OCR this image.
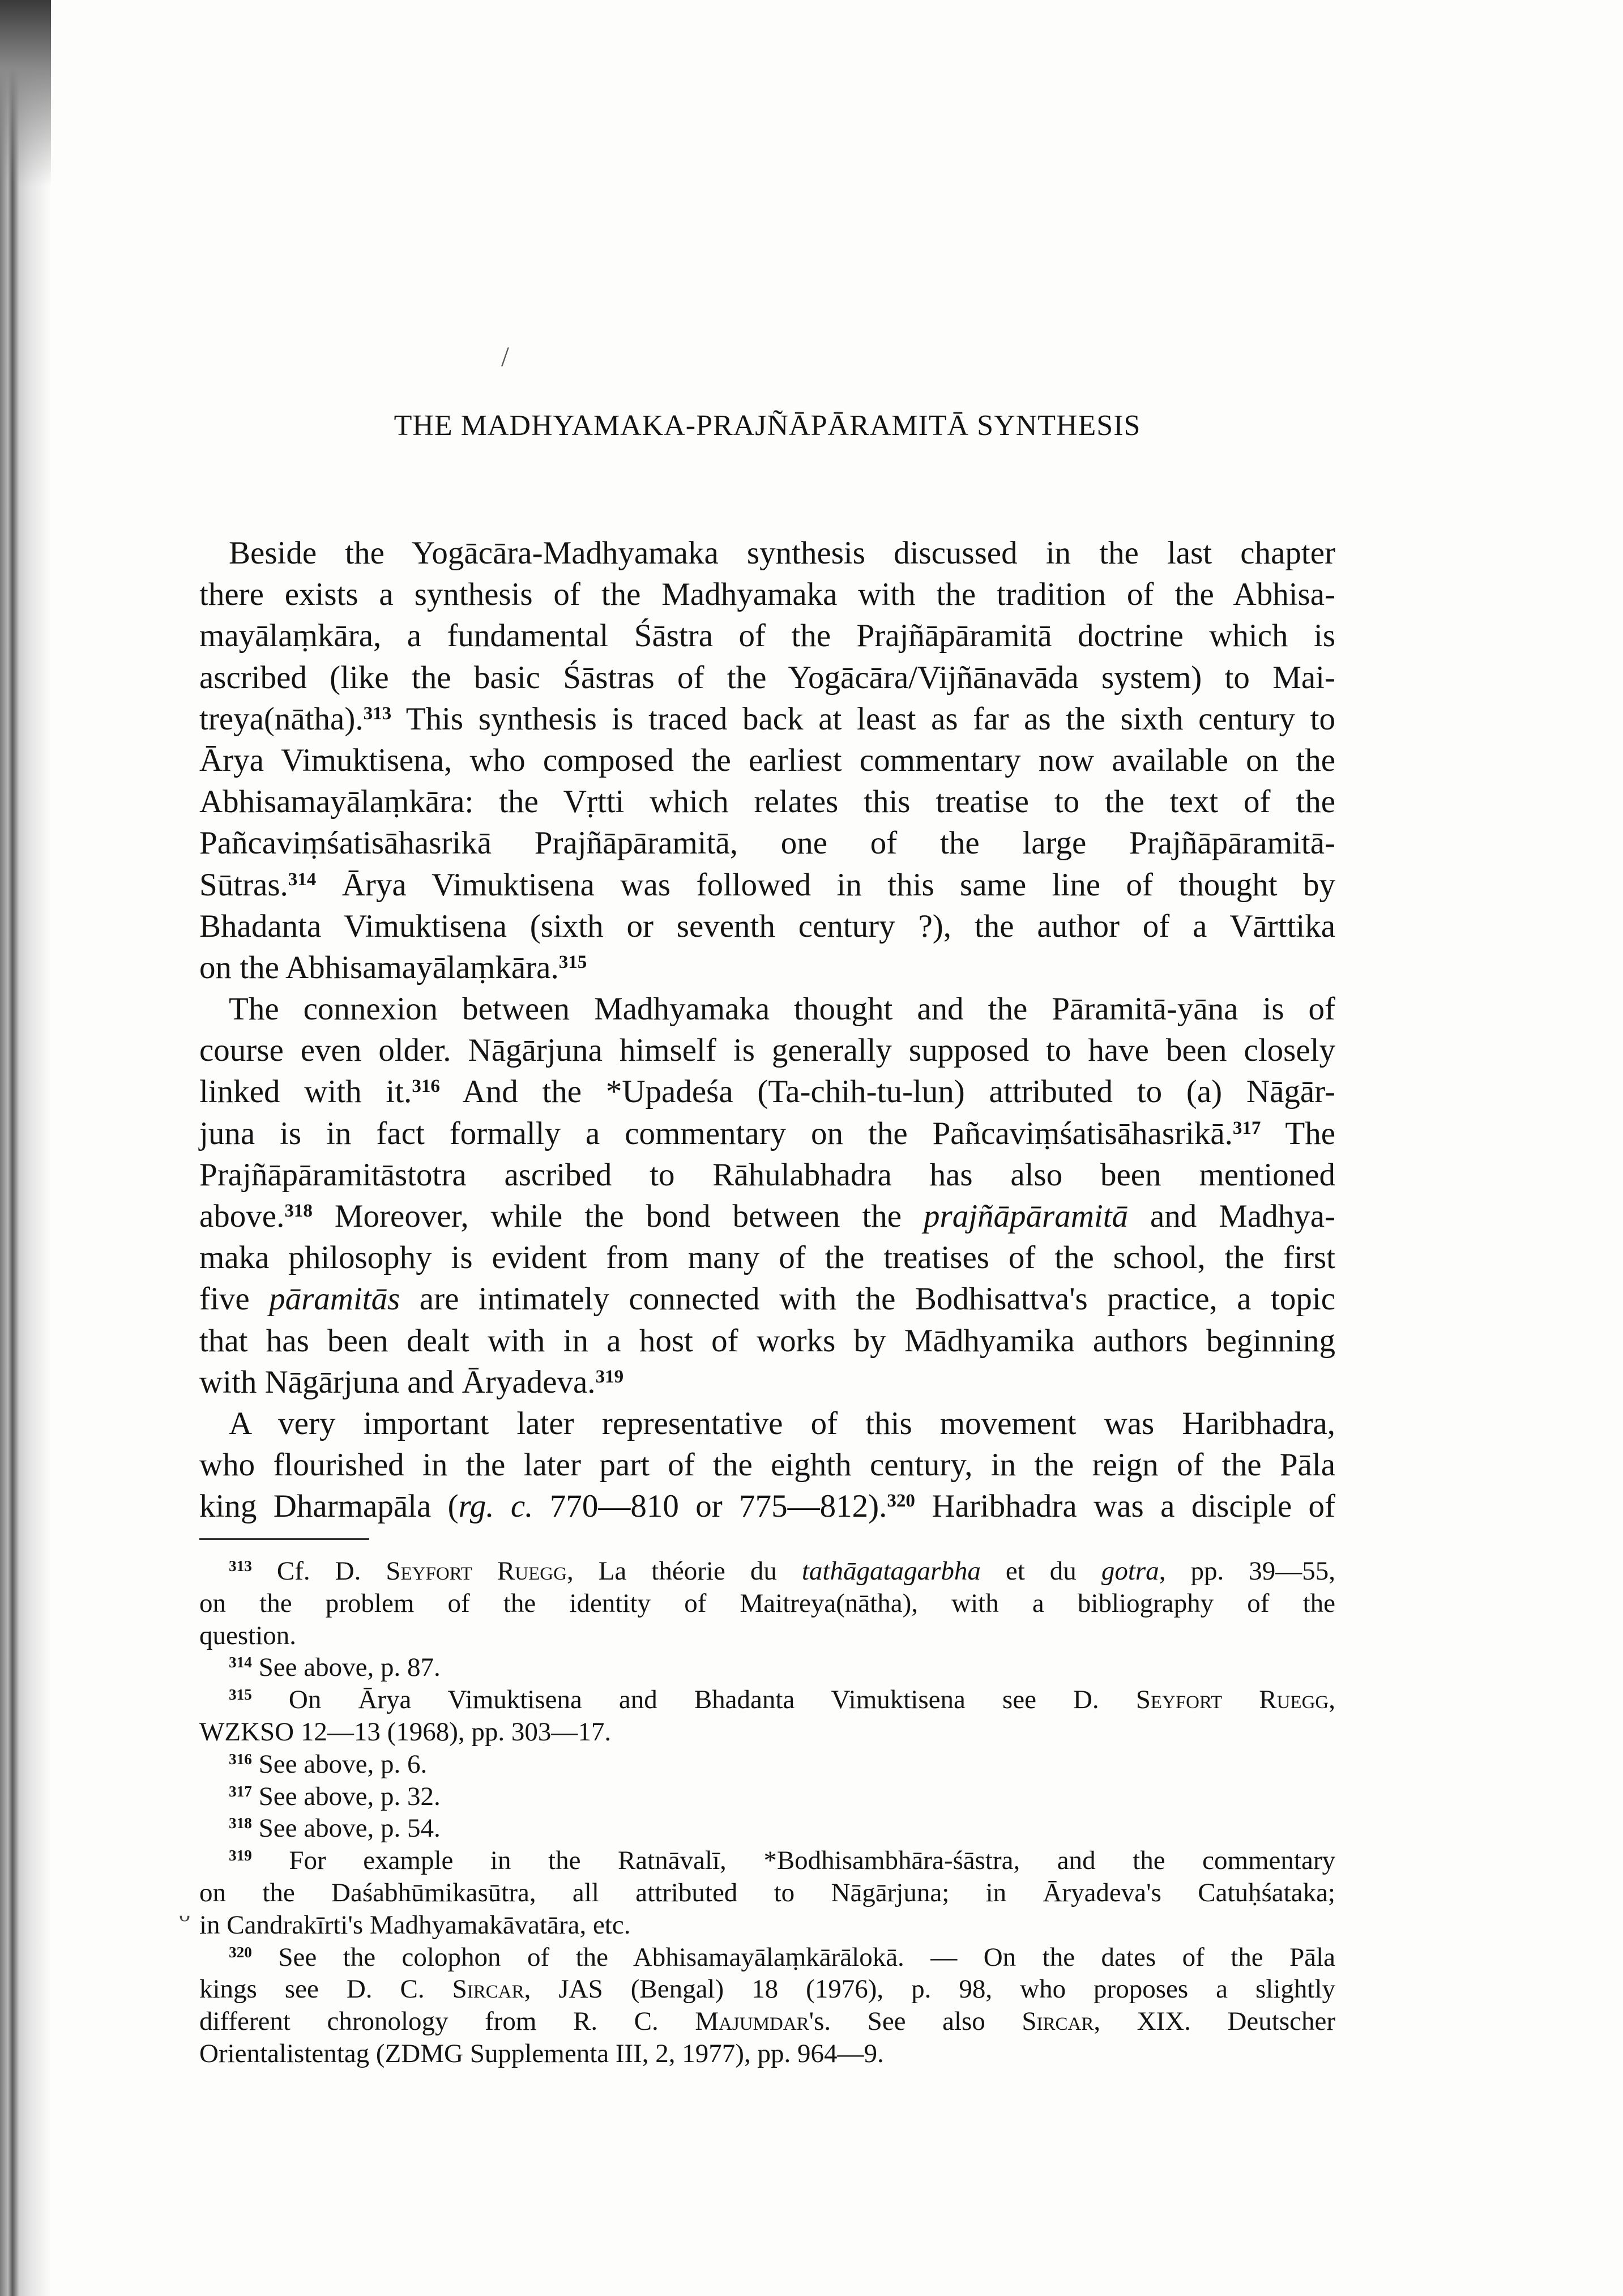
/
THE MADHYAMAKA-PRAJÑĀPĀRAMITĀ SYNTHESIS
Beside the Yogācāra-Madhyamaka synthesis discussed in the last chapter
there exists a synthesis of the Madhyamaka with the tradition of the Abhisa-
mayālaṃkāra, a fundamental Śāstra of the Prajñāpāramitā doctrine which is
ascribed (like the basic Śāstras of the Yogācāra/Vijñānavāda system) to Mai-
treya(nātha).$^{313}$ This synthesis is traced back at least as far as the sixth century to
Ārya Vimuktisena, who composed the earliest commentary now available on the
Abhisamayālaṃkāra: the Vṛtti which relates this treatise to the text of the
Pañcaviṃśatisāhasrikā Prajñāpāramitā, one of the large Prajñāpāramitā-
Sūtras.$^{314}$ Ārya Vimuktisena was followed in this same line of thought by
Bhadanta Vimuktisena (sixth or seventh century ?), the author of a Vārttika
on the Abhisamayālaṃkāra.$^{315}$
The connexion between Madhyamaka thought and the Pāramitā-yāna is of
course even older. Nāgārjuna himself is generally supposed to have been closely
linked with it.$^{316}$ And the *Upadeśa (Ta-chih-tu-lun) attributed to (a) Nāgār-
juna is in fact formally a commentary on the Pañcaviṃśatisāhasrikā.$^{317}$ The
Prajñāpāramitāstotra ascribed to Rāhulabhadra has also been mentioned
above.$^{318}$ Moreover, while the bond between the prajñāpāramitā and Madhya-
maka philosophy is evident from many of the treatises of the school, the first
five pāramitās are intimately connected with the Bodhisattva's practice, a topic
that has been dealt with in a host of works by Mādhyamika authors beginning
with Nāgārjuna and Āryadeva.$^{319}$
A very important later representative of this movement was Haribhadra,
who flourished in the later part of the eighth century, in the reign of the Pāla
king Dharmapāla (rg. c. 770—810 or 775—812).$^{320}$ Haribhadra was a disciple of
$^{313}$ Cf. D. Seyfort Ruegg, La théorie du tathāgatagarbha et du gotra, pp. 39—55,
on the problem of the identity of Maitreya(nātha), with a bibliography of the
question.
$^{314}$ See above, p. 87.
$^{315}$ On Ārya Vimuktisena and Bhadanta Vimuktisena see D. Seyfort Ruegg,
WZKSO 12—13 (1968), pp. 303—17.
$^{316}$ See above, p. 6.
$^{317}$ See above, p. 32.
$^{318}$ See above, p. 54.
$^{319}$ For example in the Ratnāvalī, *Bodhisambhāra-śāstra, and the commentary
on the Daśabhūmikasūtra, all attributed to Nāgārjuna; in Āryadeva's Catuḥśataka;
in Candrakīrti's Madhyamakāvatāra, etc.
$^{320}$ See the colophon of the Abhisamayālaṃkārālokā. — On the dates of the Pāla
kings see D. C. Sircar, JAS (Bengal) 18 (1976), p. 98, who proposes a slightly
different chronology from R. C. Majumdar's. See also Sircar, XIX. Deutscher
Orientalistentag (ZDMG Supplementa III, 2, 1977), pp. 964—9.
ᴗ
